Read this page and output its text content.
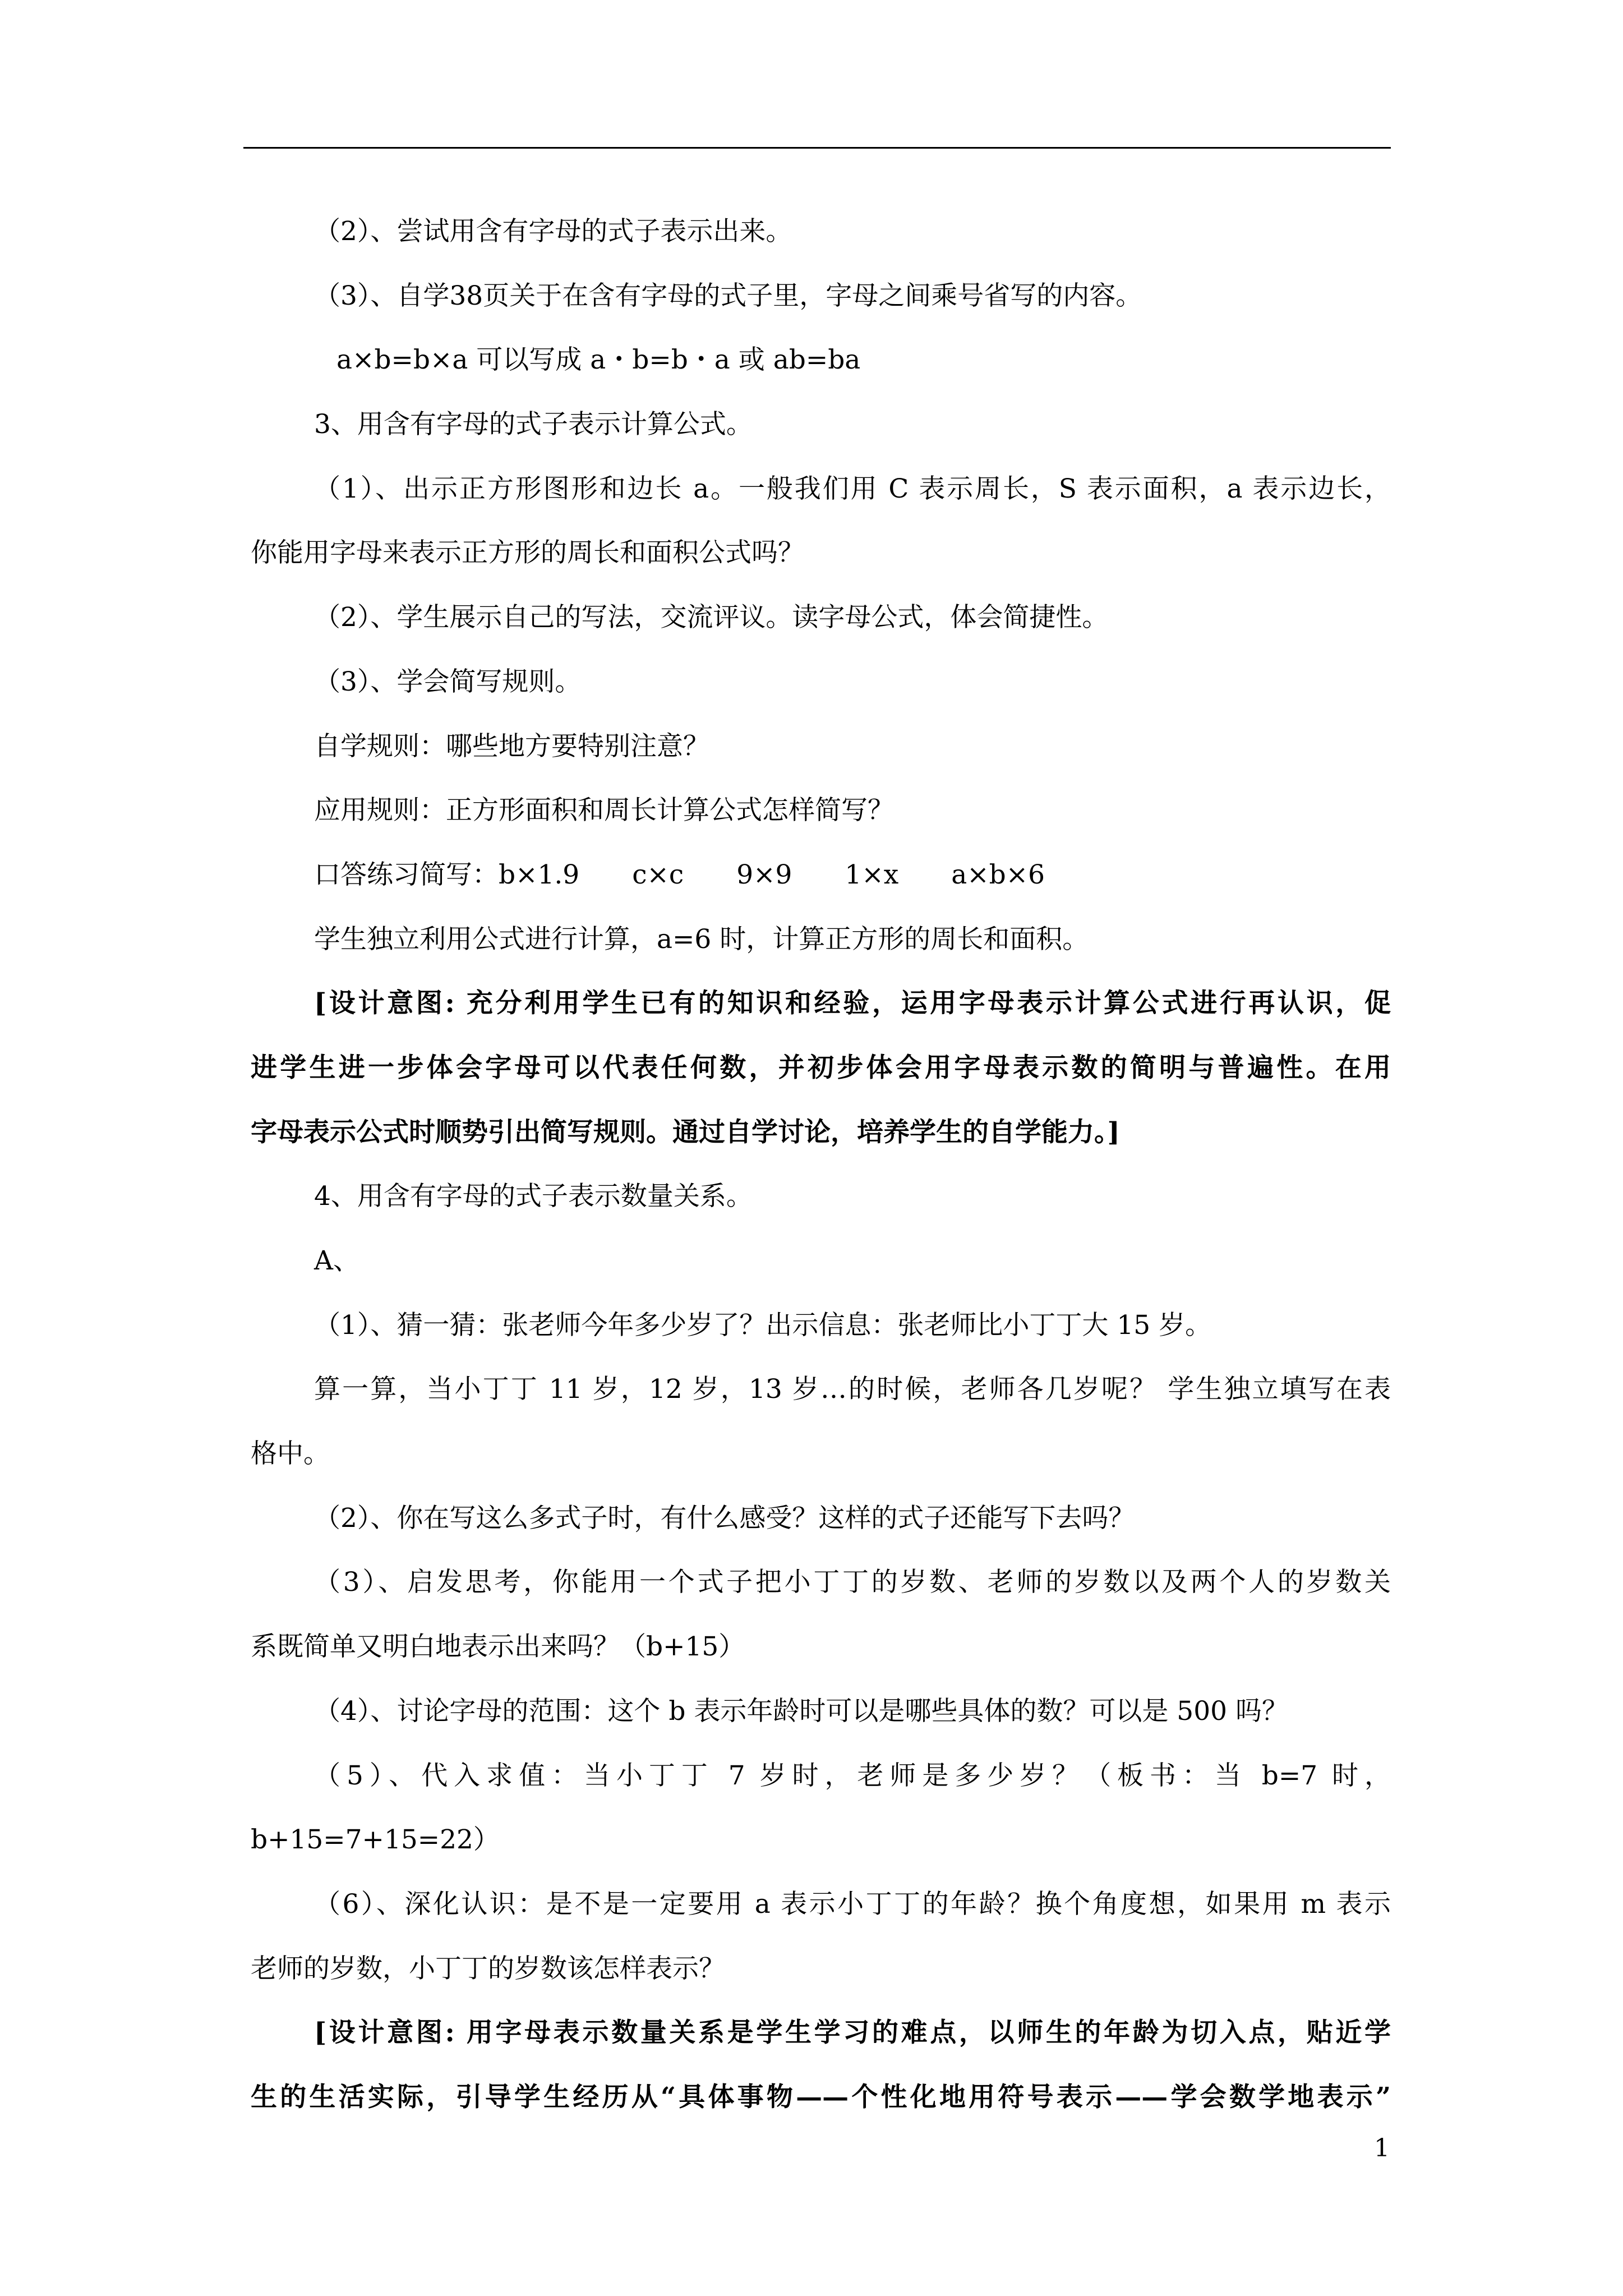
（2）、尝试用含有字母的式子表示出来。
（3）、自学38页关于在含有字母的式子里，字母之间乘号省写的内容。
a×b=b×a 可以写成 a・b=b・a 或 ab=ba
3、用含有字母的式子表示计算公式。
（1）、出示正方形图形和边长 a。一般我们用 C 表示周长，S 表示面积，a 表示边长，
你能用字母来表示正方形的周长和面积公式吗？
（2）、学生展示自己的写法，交流评议。读字母公式，体会简捷性。
（3）、学会简写规则。
自学规则：哪些地方要特别注意？
应用规则：正方形面积和周长计算公式怎样简写？
口答练习简写：b×1.9　　c×c　　9×9　　1×x　　a×b×6
学生独立利用公式进行计算，a=6 时，计算正方形的周长和面积。
[设计意图: 充分利用学生已有的知识和经验，运用字母表示计算公式进行再认识，促
进学生进一步体会字母可以代表任何数，并初步体会用字母表示数的简明与普遍性。在用
字母表示公式时顺势引出简写规则。通过自学讨论，培养学生的自学能力。]
4、用含有字母的式子表示数量关系。
A、
（1）、猜一猜：张老师今年多少岁了？出示信息：张老师比小丁丁大 15 岁。
算一算，当小丁丁 11 岁，12 岁，13 岁…的时候，老师各几岁呢？ 学生独立填写在表
格中。
（2）、你在写这么多式子时，有什么感受？这样的式子还能写下去吗？
（3）、启发思考，你能用一个式子把小丁丁的岁数、老师的岁数以及两个人的岁数关
系既简单又明白地表示出来吗？（b+15）
（4）、讨论字母的范围：这个 b 表示年龄时可以是哪些具体的数？可以是 500 吗？
（5）、代入求值：当小丁丁 7 岁时，老师是多少岁？（板书：当 b=7 时，
b+15=7+15=22）
（6）、深化认识：是不是一定要用 a 表示小丁丁的年龄？换个角度想，如果用 m 表示
老师的岁数，小丁丁的岁数该怎样表示？
[设计意图: 用字母表示数量关系是学生学习的难点，以师生的年龄为切入点，贴近学
生的生活实际，引导学生经历从“具体事物——个性化地用符号表示——学会数学地表示”
1
